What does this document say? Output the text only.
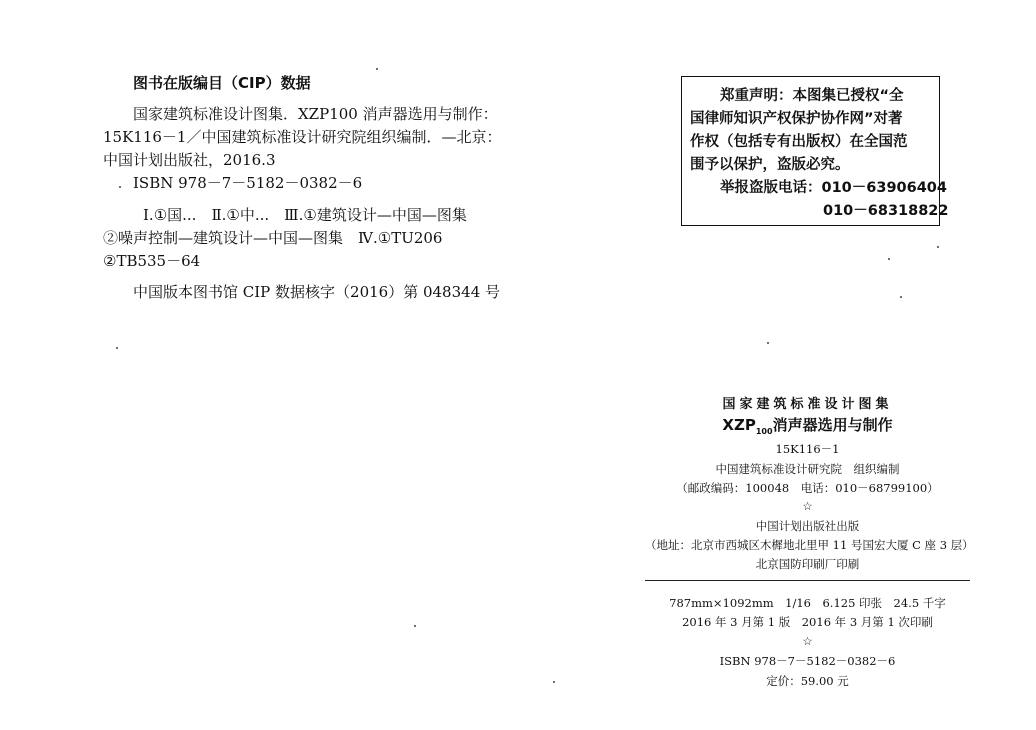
图书在版编目（CIP）数据
国家建筑标准设计图集．XZP100 消声器选用与制作：
15K116－1／中国建筑标准设计研究院组织编制．—北京：
中国计划出版社，2016.3
ISBN 978－7－5182－0382－6
Ⅰ.①国...　Ⅱ.①中...　Ⅲ.①建筑设计—中国—图集
②噪声控制—建筑设计—中国—图集　Ⅳ.①TU206
②TB535－64
中国版本图书馆 CIP 数据核字（2016）第 048344 号
郑重声明：本图集已授权“全
国律师知识产权保护协作网”对著
作权（包括专有出版权）在全国范
围予以保护，盗版必究。
举报盗版电话：010－63906404
010－68318822
国家建筑标准设计图集
$XZP_{100}$消声器选用与制作
15K116－1
中国建筑标准设计研究院　组织编制
（邮政编码：100048　电话：010－68799100）
☆
中国计划出版社出版
（地址：北京市西城区木樨地北里甲 11 号国宏大厦 C 座 3 层）
北京国防印刷厂印刷
787mm×1092mm　1/16　6.125 印张　24.5 千字
2016 年 3 月第 1 版　2016 年 3 月第 1 次印刷
☆
ISBN 978－7－5182－0382－6
定价：59.00 元
